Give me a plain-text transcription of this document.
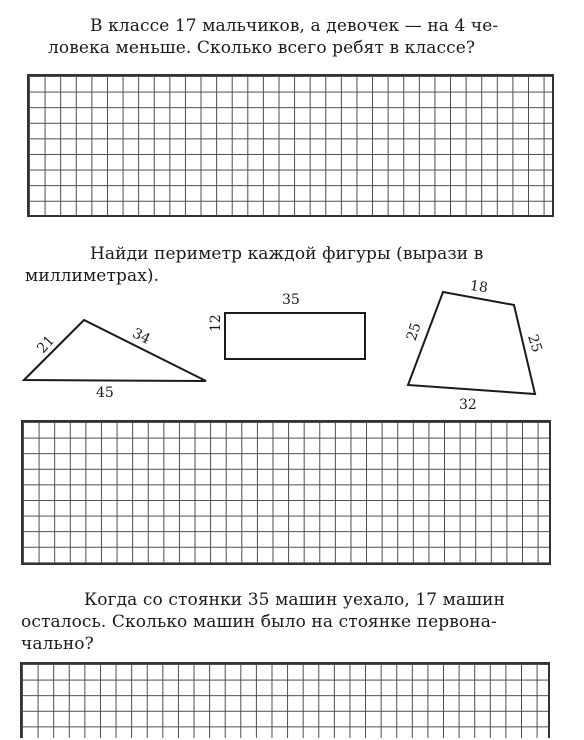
В классе 17 мальчиков, а девочек — на 4 че-
ловека меньше. Сколько всего ребят в классе?
Найди периметр каждой фигуры (вырази в
миллиметрах).
21	34
45
35
12
18
25
25
32
Когда со стоянки 35 машин уехало, 17 машин
осталось. Сколько машин было на стоянке первона-
чально?
